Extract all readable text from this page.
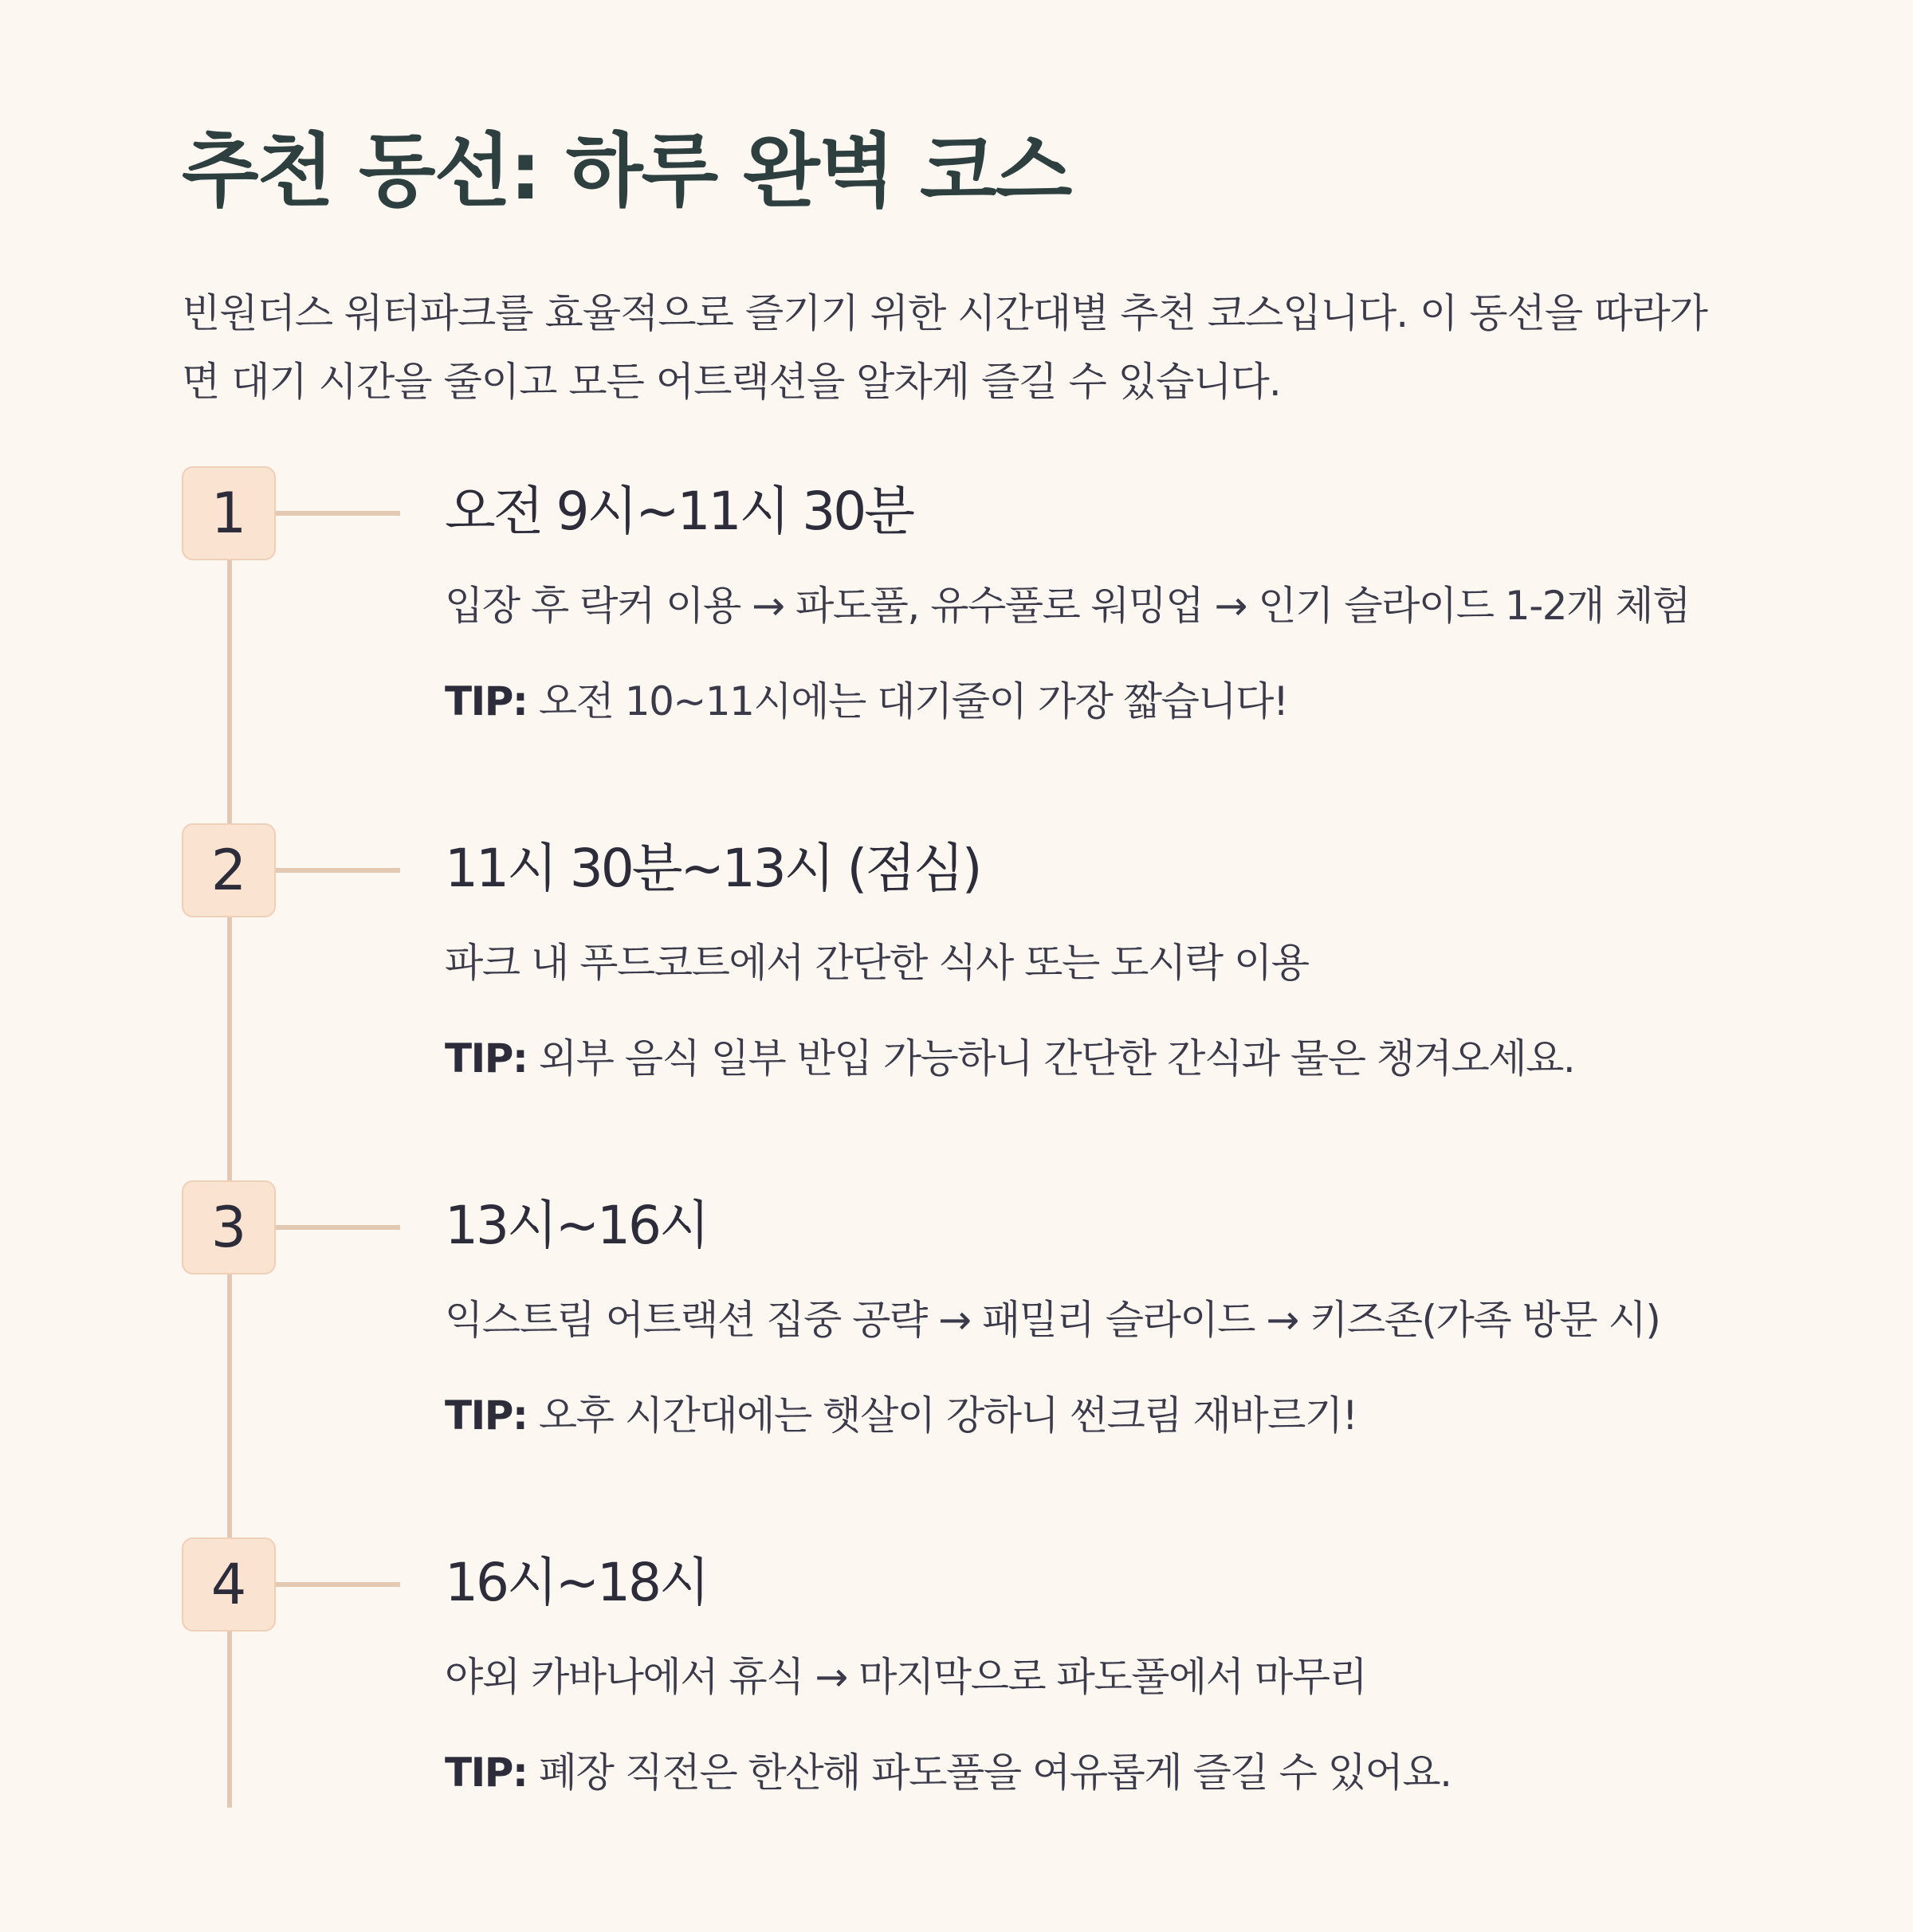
추천 동선: 하루 완벽 코스

빈원더스 워터파크를 효율적으로 즐기기 위한 시간대별 추천 코스입니다. 이 동선을 따라가면 대기 시간을 줄이고 모든 어트랙션을 알차게 즐길 수 있습니다.

1	오전 9시~11시 30분

입장 후 락커 이용 → 파도풀, 유수풀로 워밍업 → 인기 슬라이드 1-2개 체험

TIP: 오전 10~11시에는 대기줄이 가장 짧습니다!

2	11시 30분~13시 (점심)

파크 내 푸드코트에서 간단한 식사 또는 도시락 이용

TIP: 외부 음식 일부 반입 가능하니 간단한 간식과 물은 챙겨오세요.

3	13시~16시

익스트림 어트랙션 집중 공략 → 패밀리 슬라이드 → 키즈존(가족 방문 시)

TIP: 오후 시간대에는 햇살이 강하니 썬크림 재바르기!

4	16시~18시

야외 카바나에서 휴식 → 마지막으로 파도풀에서 마무리

TIP: 폐장 직전은 한산해 파도풀을 여유롭게 즐길 수 있어요.
